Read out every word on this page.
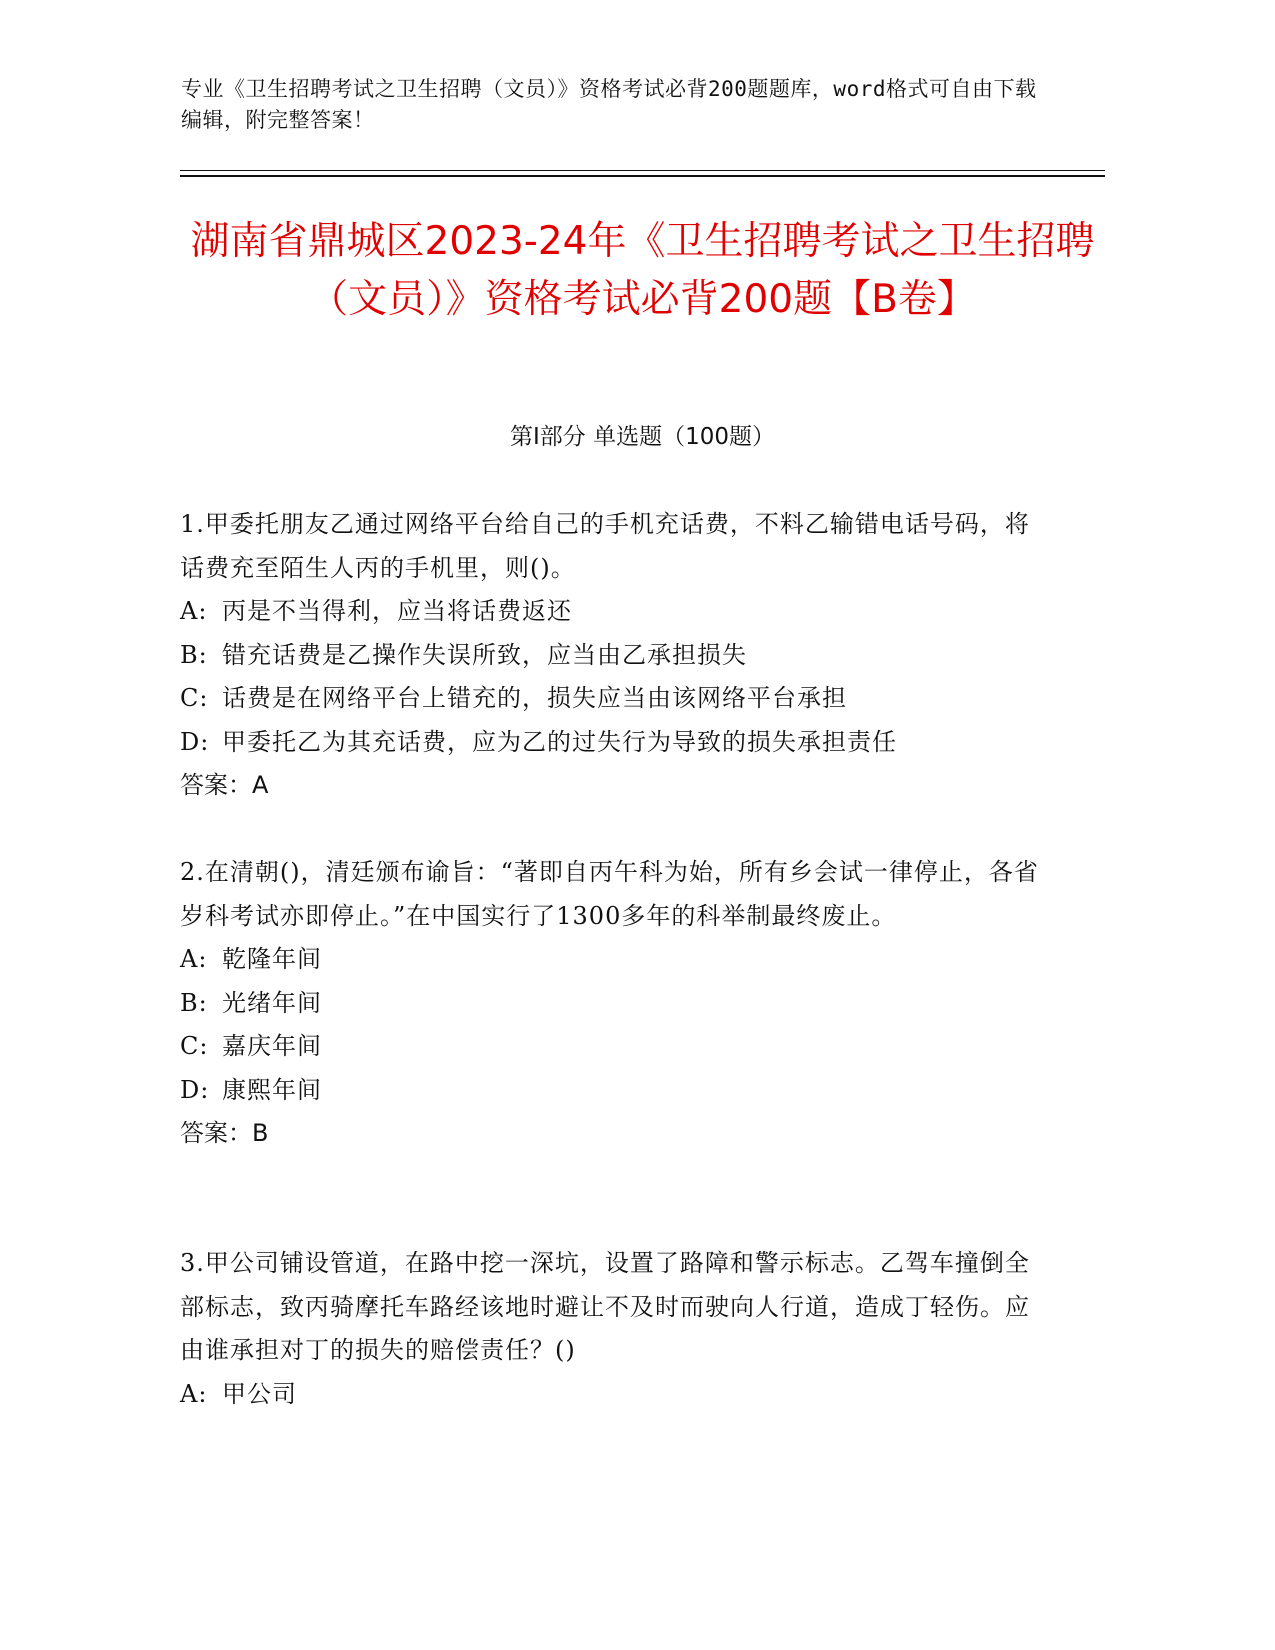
专业《卫生招聘考试之卫生招聘（文员）》资格考试必背200题题库，word格式可自由下载编辑，附完整答案！
湖南省鼎城区2023-24年《卫生招聘考试之卫生招聘（文员）》资格考试必背200题【B卷】
第I部分 单选题（100题）
1.甲委托朋友乙通过网络平台给自己的手机充话费，不料乙输错电话号码，将话费充至陌生人丙的手机里，则()。
A: 丙是不当得利，应当将话费返还
B: 错充话费是乙操作失误所致，应当由乙承担损失
C: 话费是在网络平台上错充的，损失应当由该网络平台承担
D: 甲委托乙为其充话费，应为乙的过失行为导致的损失承担责任
答案：A
2.在清朝()，清廷颁布谕旨：“著即自丙午科为始，所有乡会试一律停止，各省岁科考试亦即停止。”在中国实行了1300多年的科举制最终废止。
A: 乾隆年间
B: 光绪年间
C: 嘉庆年间
D: 康熙年间
答案：B
3.甲公司铺设管道，在路中挖一深坑，设置了路障和警示标志。乙驾车撞倒全部标志，致丙骑摩托车路经该地时避让不及时而驶向人行道，造成丁轻伤。应由谁承担对丁的损失的赔偿责任？()
A: 甲公司
